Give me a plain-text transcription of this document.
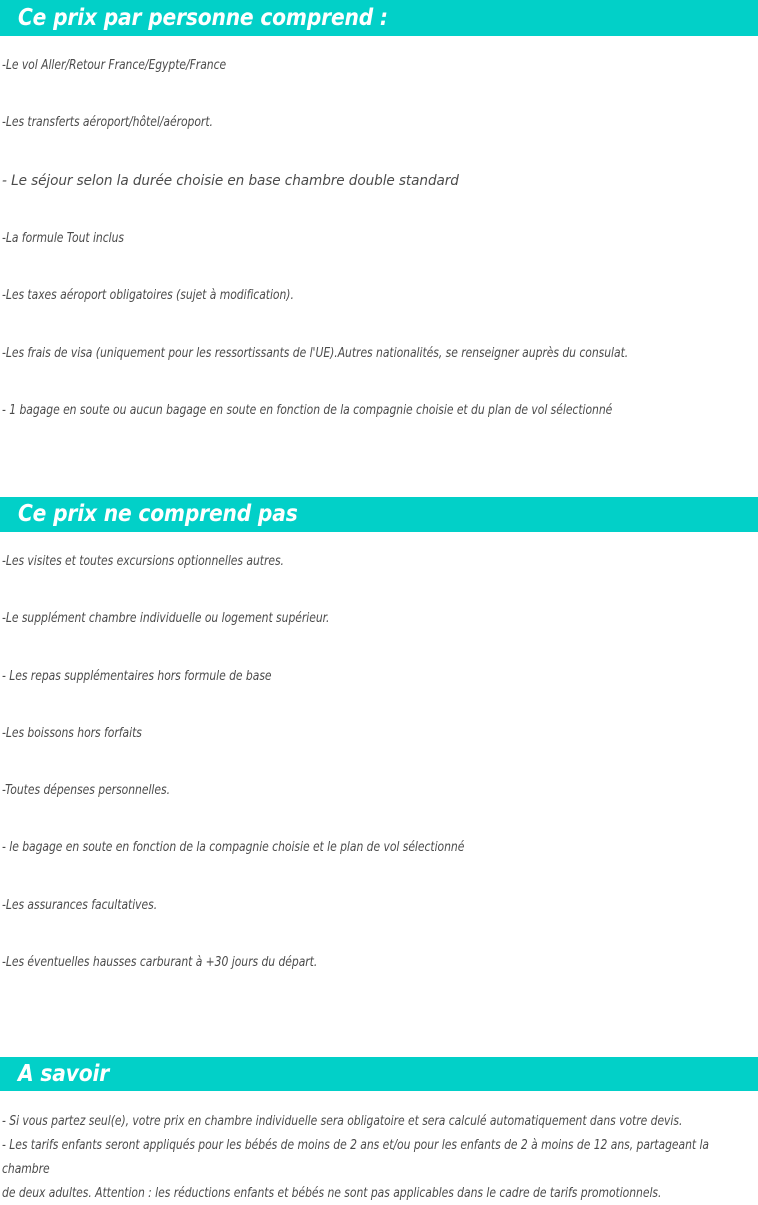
Ce prix par personne comprend :
-Le vol Aller/Retour France/Egypte/France
-Les transferts aéroport/hôtel/aéroport.
- Le séjour selon la durée choisie en base chambre double standard
-La formule Tout inclus
-Les taxes aéroport obligatoires (sujet à modification).
-Les frais de visa (uniquement pour les ressortissants de l'UE).Autres nationalités, se renseigner auprès du consulat.
- 1 bagage en soute ou aucun bagage en soute en fonction de la compagnie choisie et du plan de vol sélectionné
Ce prix ne comprend pas
-Les visites et toutes excursions optionnelles autres.
-Le supplément chambre individuelle ou logement supérieur.
- Les repas supplémentaires hors formule de base
-Les boissons hors forfaits
-Toutes dépenses personnelles.
- le bagage en soute en fonction de la compagnie choisie et le plan de vol sélectionné
-Les assurances facultatives.
-Les éventuelles hausses carburant à +30 jours du départ.
A savoir
- Si vous partez seul(e), votre prix en chambre individuelle sera obligatoire et sera calculé automatiquement dans votre devis.
- Les tarifs enfants seront appliqués pour les bébés de moins de 2 ans et/ou pour les enfants de 2 à moins de 12 ans, partageant la chambre
de deux adultes. Attention : les réductions enfants et bébés ne sont pas applicables dans le cadre de tarifs promotionnels.
